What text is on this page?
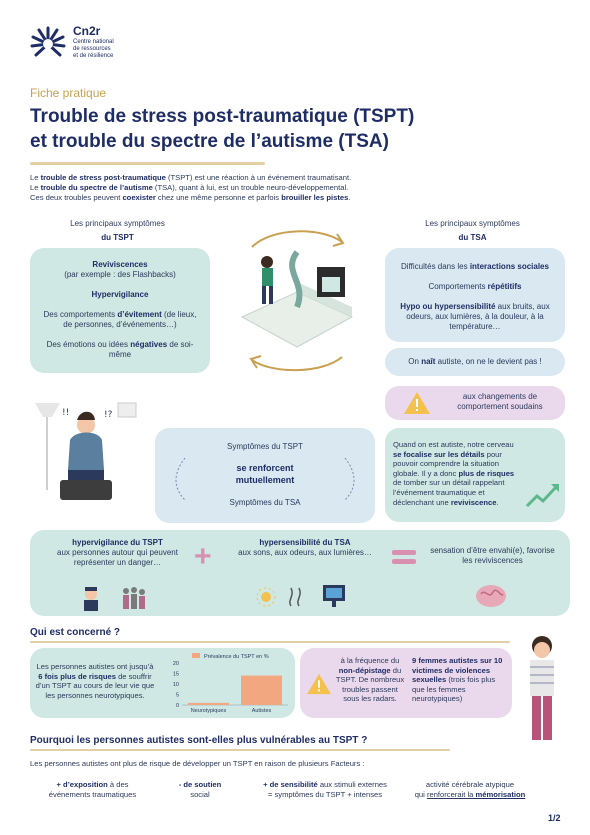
Cn2r
Centre national
de ressources
et de résilience
Fiche pratique
Trouble de stress post-traumatique (TSPT)
et trouble du spectre de l’autisme (TSA)
Le trouble de stress post-traumatique (TSPT) est une réaction à un événement traumatisant.
Le trouble du spectre de l’autisme (TSA), quant à lui, est un trouble neuro-développemental.
Ces deux troubles peuvent coexister chez une même personne et parfois brouiller les pistes.
Les principaux symptômes
du TSPT
Reviviscences
(par exemple : des Flashbacks)
Hypervigilance
Des comportements d’évitement (de lieux, de personnes, d’événements…)
Des émotions ou idées négatives de soi-même
Les principaux symptômes
du TSA
Difficultés dans les interactions sociales
Comportements répétitifs
Hypo ou hypersensibilité aux bruits, aux odeurs, aux lumières, à la douleur, à la température…
On naît autiste, on ne le devient pas !
aux changements de comportement soudains
!!	!?
Symptômes du TSPT
se renforcent mutuellement
Symptômes du TSA
Quand on est autiste, notre cerveau se focalise sur les détails pour pouvoir comprendre la situation globale. Il y a donc plus de risques de tomber sur un détail rappelant l’événement traumatique et déclenchant une reviviscence.
hypervigilance du TSPT
aux personnes autour qui peuvent représenter un danger…	+	hypersensibilité du TSA
aux sons, aux odeurs, aux lumières…	sensation d’être envahi(e), favorise les reviviscences
Qui est concerné ?
Les personnes autistes ont jusqu’à 6 fois plus de risques de souffrir d’un TSPT au cours de leur vie que les personnes neurotypiques.
Prévalence du TSPT en %
0
5
10
15
20
Neurotypiques	Autistes
à la fréquence du non-dépistage du TSPT. De nombreux troubles passent sous les radars.
9 femmes autistes sur 10 victimes de violences sexuelles (trois fois plus que les femmes neurotypiques)
Pourquoi les personnes autistes sont-elles plus vulnérables au TSPT ?
Les personnes autistes ont plus de risque de développer un TSPT en raison de plusieurs Facteurs :
+ d’exposition à des
événements traumatiques
- de soutien
social
+ de sensibilité aux stimuli externes
= symptômes du TSPT + intenses
activité cérébrale atypique
qui renforcerait la mémorisation
1/2
